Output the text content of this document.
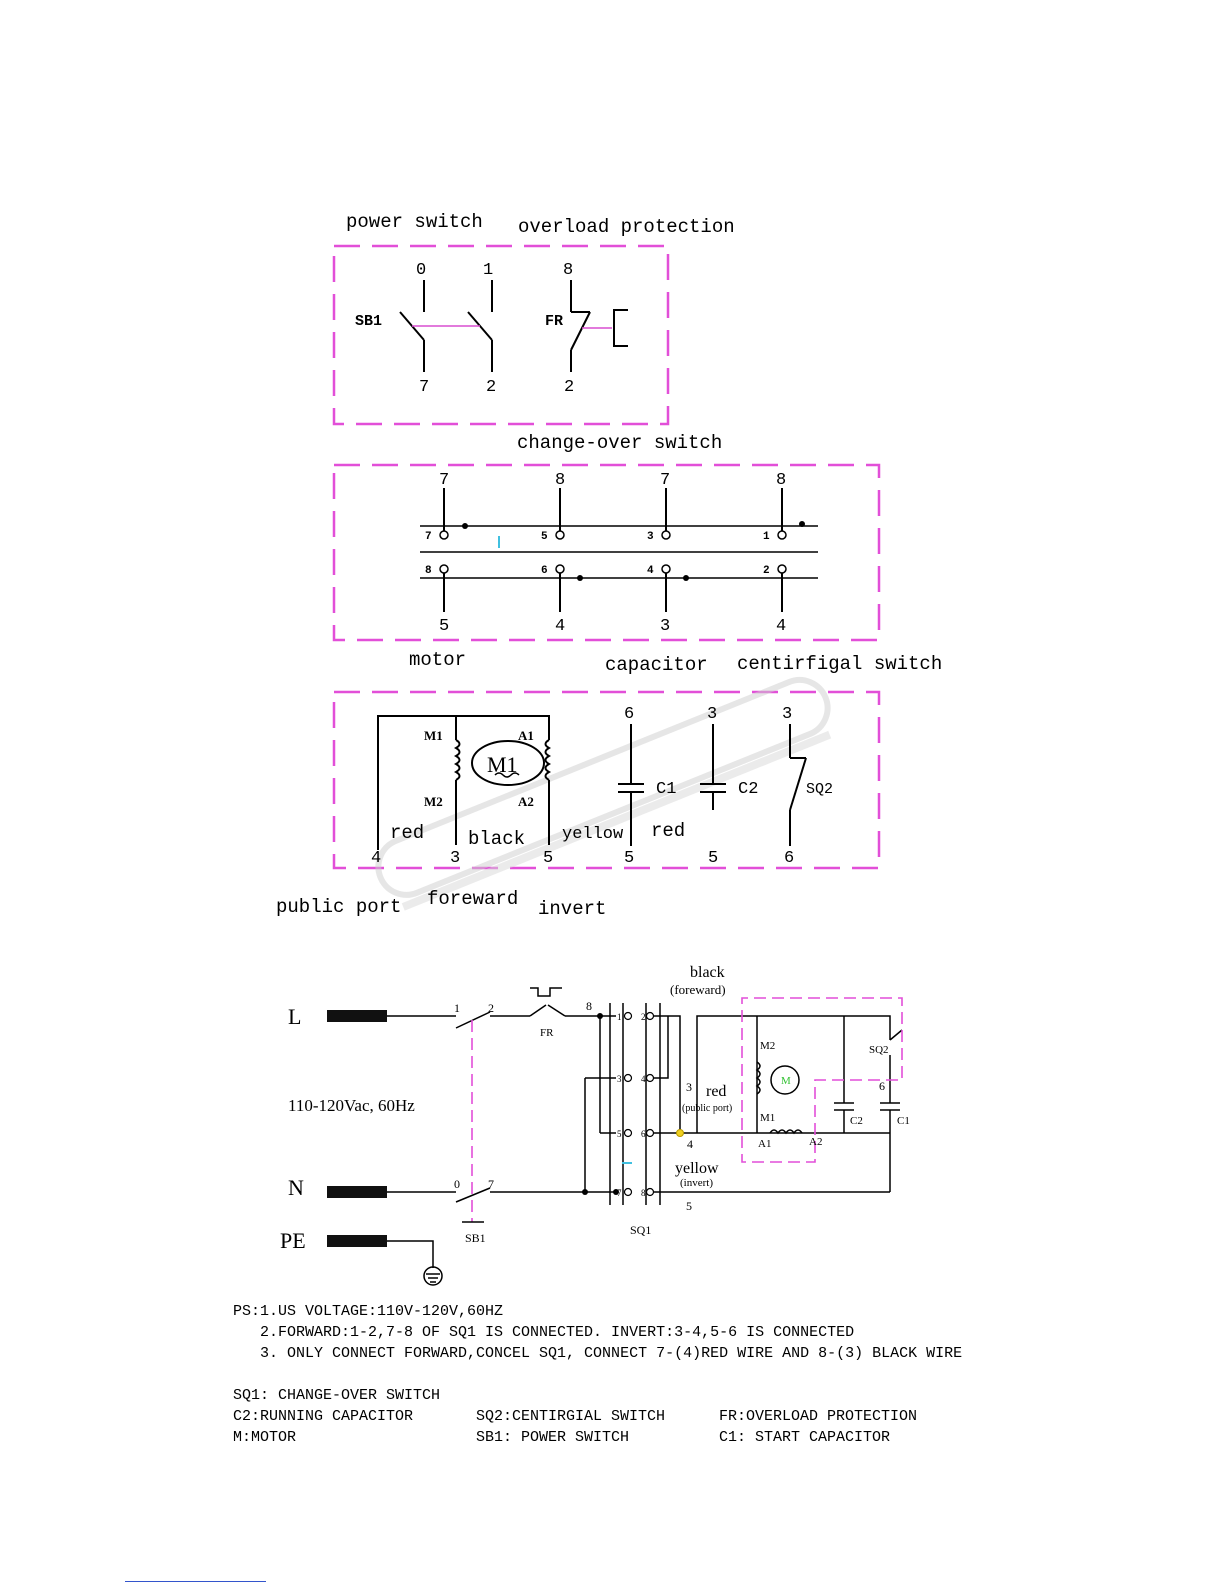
power switch overload protection
0	1	8
SB1	FR
7	2	2
change-over switch
7	8	7	8
7	5	3	1
8	6	4	2
5	4	3	4
motor	capacitor centirfigal switch
M1
M1
M2
A1
A2
6	3	3
C1	C2	SQ2
red black yellow red
4	3	5	5	5	6
public port foreward invert
L
N
PE
110-120Vac, 60Hz
1 2	8
0 7
FR
SB1
SQ1
1
3
5
7
2
4
6
8
black
(foreward)
red
(public port)
yellow
(invert)
3
4
5
6
M2
M1
A1	A2
M
SQ2
C2	C1

PS:1.US VOLTAGE:110V-120V,60HZ

2.FORWARD:1-2,7-8 OF SQ1 IS CONNECTED. INVERT:3-4,5-6 IS CONNECTED

3. ONLY CONNECT FORWARD,CONCEL SQ1, CONNECT 7-(4)RED WIRE AND 8-(3) BLACK WIRE

SQ1: CHANGE-OVER SWITCH
C2:RUNNING CAPACITOR
M:MOTOR
SQ2:CENTIRGIAL SWITCH
SB1: POWER SWITCH
FR:OVERLOAD PROTECTION
C1: START CAPACITOR
